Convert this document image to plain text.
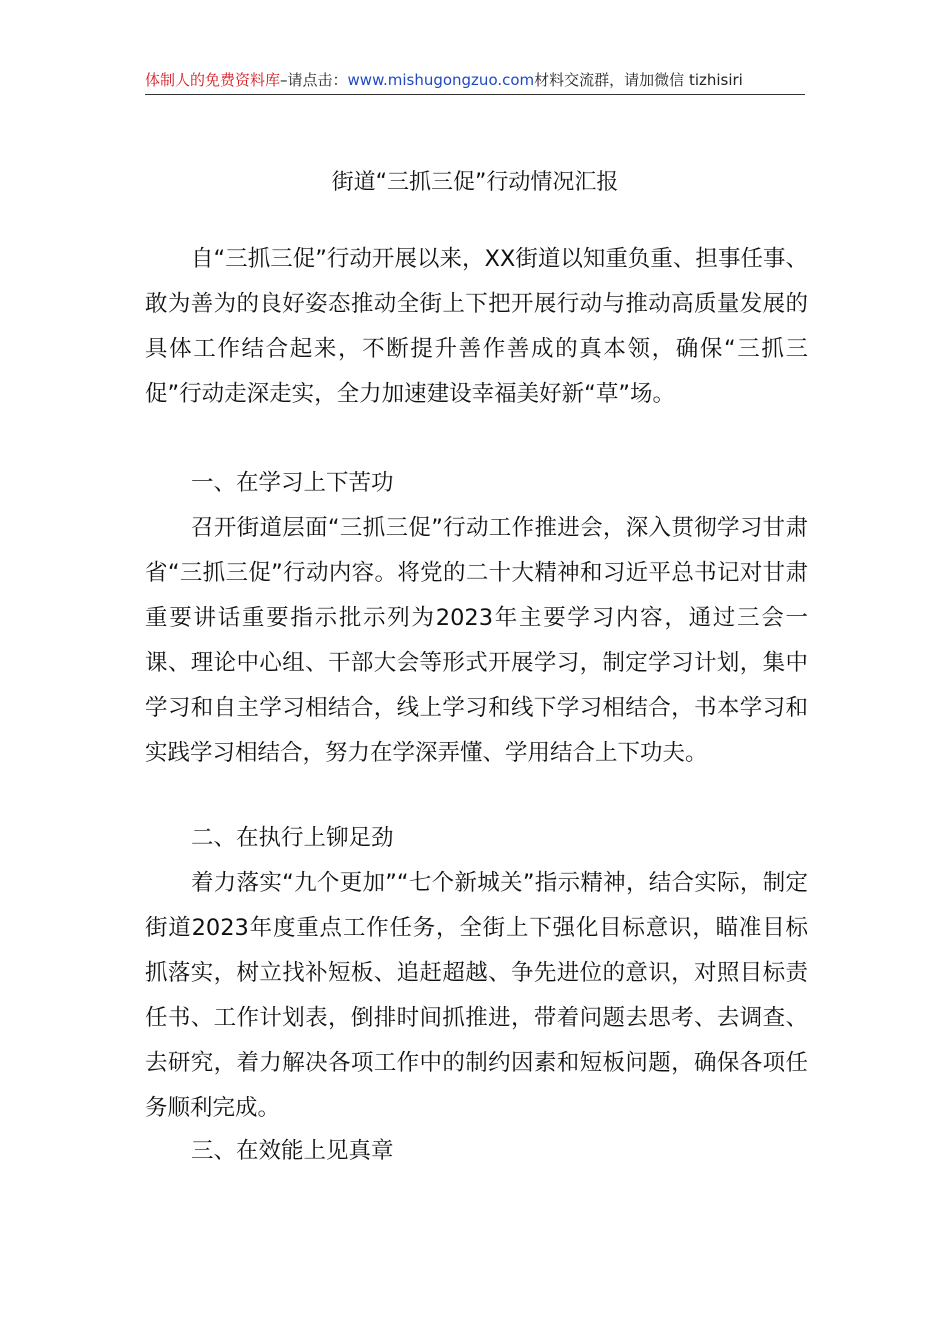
体制人的免费资料库–请点击：www.mishugongzuo.com材料交流群，请加微信 tizhisiri
街道“三抓三促”行动情况汇报

自“三抓三促”行动开展以来，XX街道以知重负重、担事任事、敢为善为的良好姿态推动全街上下把开展行动与推动高质量发展的具体工作结合起来，不断提升善作善成的真本领，确保“三抓三促”行动走深走实，全力加速建设幸福美好新“草”场。

一、在学习上下苦功

召开街道层面“三抓三促”行动工作推进会，深入贯彻学习甘肃省“三抓三促”行动内容。将党的二十大精神和习近平总书记对甘肃重要讲话重要指示批示列为2023年主要学习内容，通过三会一课、理论中心组、干部大会等形式开展学习，制定学习计划，集中学习和自主学习相结合，线上学习和线下学习相结合，书本学习和实践学习相结合，努力在学深弄懂、学用结合上下功夫。

二、在执行上铆足劲

着力落实“九个更加”“七个新城关”指示精神，结合实际，制定街道2023年度重点工作任务，全街上下强化目标意识，瞄准目标抓落实，树立找补短板、追赶超越、争先进位的意识，对照目标责任书、工作计划表，倒排时间抓推进，带着问题去思考、去调查、去研究，着力解决各项工作中的制约因素和短板问题，确保各项任务顺利完成。

三、在效能上见真章
